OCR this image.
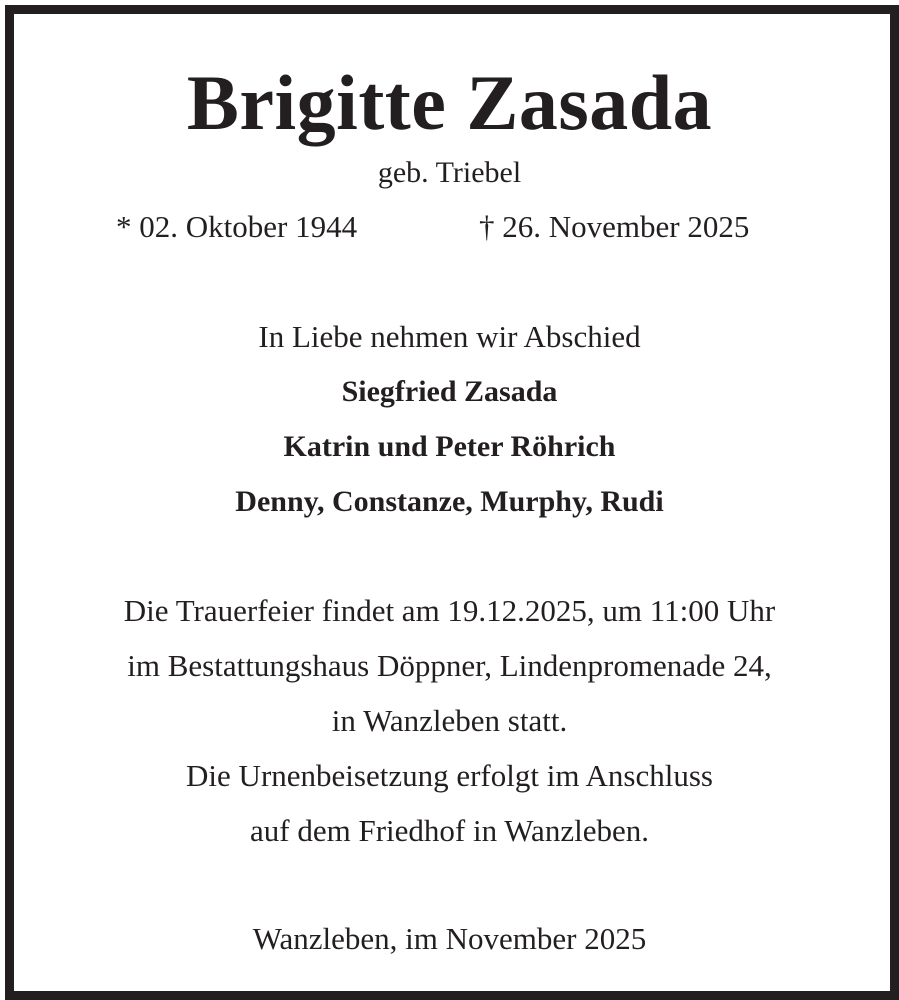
Brigitte Zasada
geb. Triebel
* 02. Oktober 1944	† 26. November 2025
In Liebe nehmen wir Abschied
Siegfried Zasada
Katrin und Peter Röhrich
Denny, Constanze, Murphy, Rudi
Die Trauerfeier findet am 19.12.2025, um 11:00 Uhr
im Bestattungshaus Döppner, Lindenpromenade 24,
in Wanzleben statt.
Die Urnenbeisetzung erfolgt im Anschluss
auf dem Friedhof in Wanzleben.
Wanzleben, im November 2025
